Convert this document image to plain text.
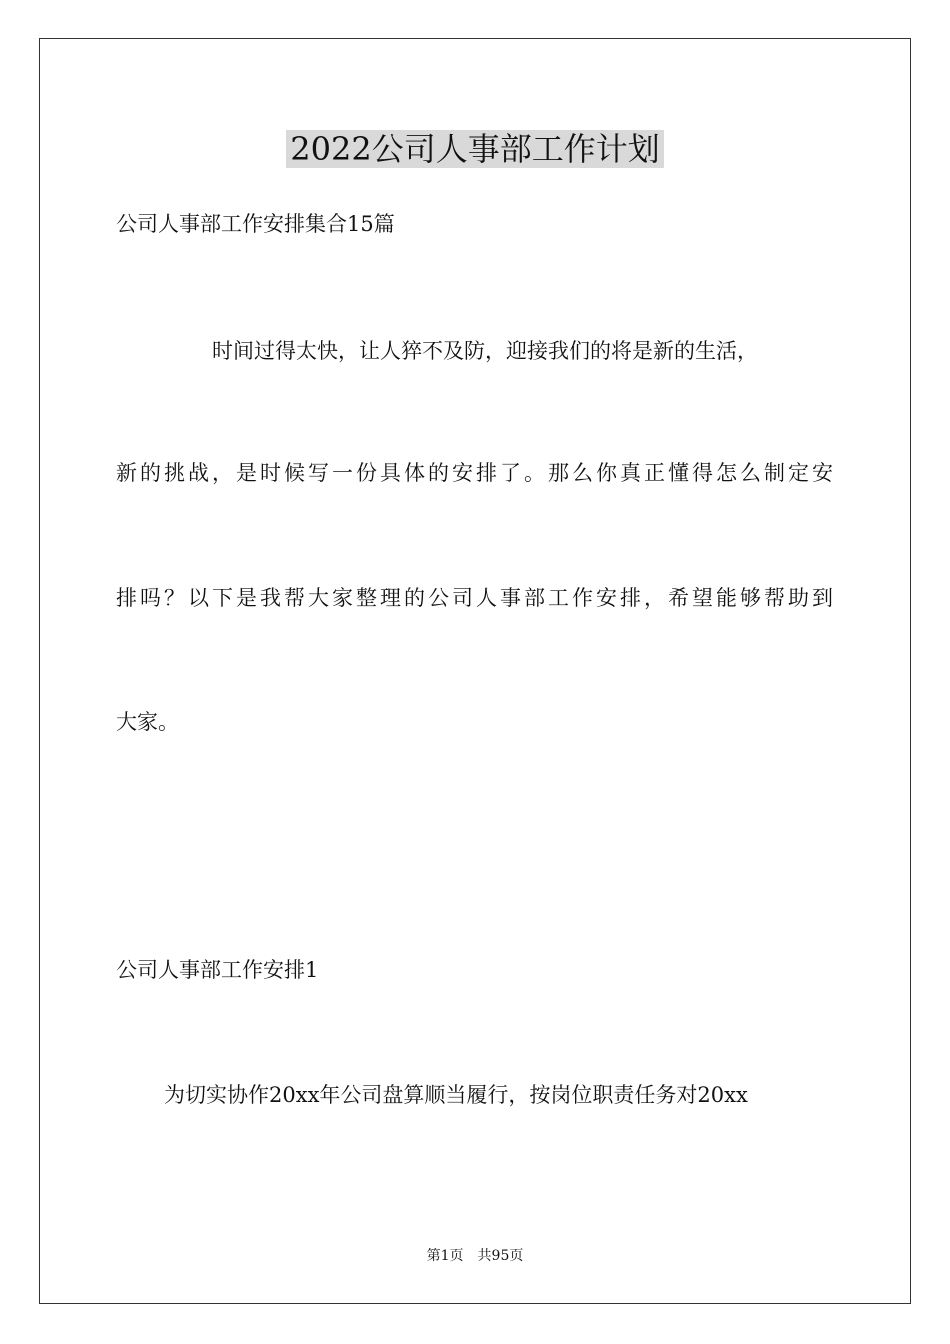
2022公司人事部工作计划

公司人事部工作安排集合15篇

时间过得太快，让人猝不及防，迎接我们的将是新的生活，

新的挑战，是时候写一份具体的安排了。那么你真正懂得怎么制定安

排吗？以下是我帮大家整理的公司人事部工作安排，希望能够帮助到

大家。

公司人事部工作安排1

为切实协作20xx年公司盘算顺当履行，按岗位职责任务对20xx

第1页　共95页
